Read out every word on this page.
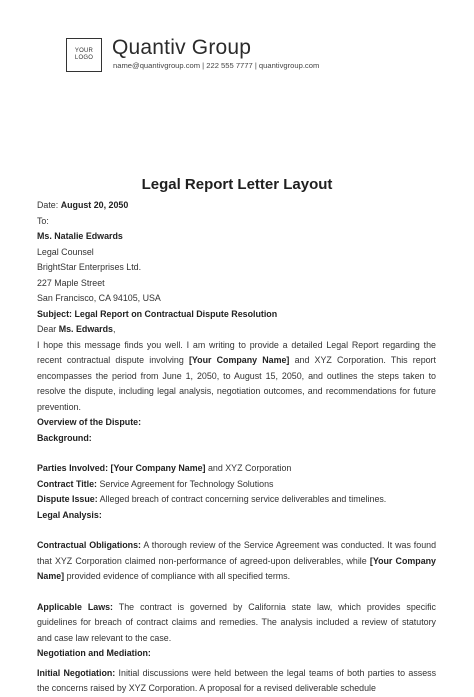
YOUR
LOGO Quantiv Group
name@quantivgroup.com | 222 555 7777 | quantivgroup.com
Legal Report Letter Layout
Date: August 20, 2050
To:
Ms. Natalie Edwards
Legal Counsel
BrightStar Enterprises Ltd.
227 Maple Street
San Francisco, CA 94105, USA
Subject: Legal Report on Contractual Dispute Resolution
Dear Ms. Edwards,
I hope this message finds you well. I am writing to provide a detailed Legal Report regarding the recent contractual dispute involving [Your Company Name] and XYZ Corporation. This report encompasses the period from June 1, 2050, to August 15, 2050, and outlines the steps taken to resolve the dispute, including legal analysis, negotiation outcomes, and recommendations for future prevention.
Overview of the Dispute:
Background:
Parties Involved: [Your Company Name] and XYZ Corporation
Contract Title: Service Agreement for Technology Solutions
Dispute Issue: Alleged breach of contract concerning service deliverables and timelines.
Legal Analysis:
Contractual Obligations: A thorough review of the Service Agreement was conducted. It was found that XYZ Corporation claimed non-performance of agreed-upon deliverables, while [Your Company Name] provided evidence of compliance with all specified terms.
Applicable Laws: The contract is governed by California state law, which provides specific guidelines for breach of contract claims and remedies. The analysis included a review of statutory and case law relevant to the case.
Negotiation and Mediation:
Initial Negotiation: Initial discussions were held between the legal teams of both parties to assess the concerns raised by XYZ Corporation. A proposal for a revised deliverable schedule
